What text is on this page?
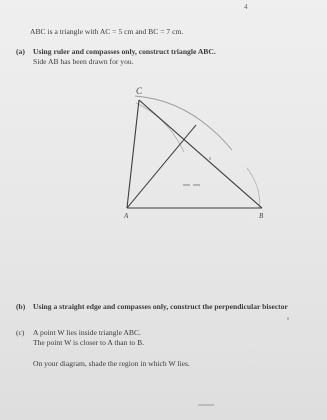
4
ABC is a triangle with AC = 5 cm and BC = 7 cm.
(a) Using ruler and compasses only, construct triangle ABC.
Side AB has been drawn for you.
C
A	B
(b) Using a straight edge and compasses only, construct the perpendicular bisector
(c) A point W lies inside triangle ABC.
The point W is closer to A than to B.
On your diagram, shade the region in which W lies.
